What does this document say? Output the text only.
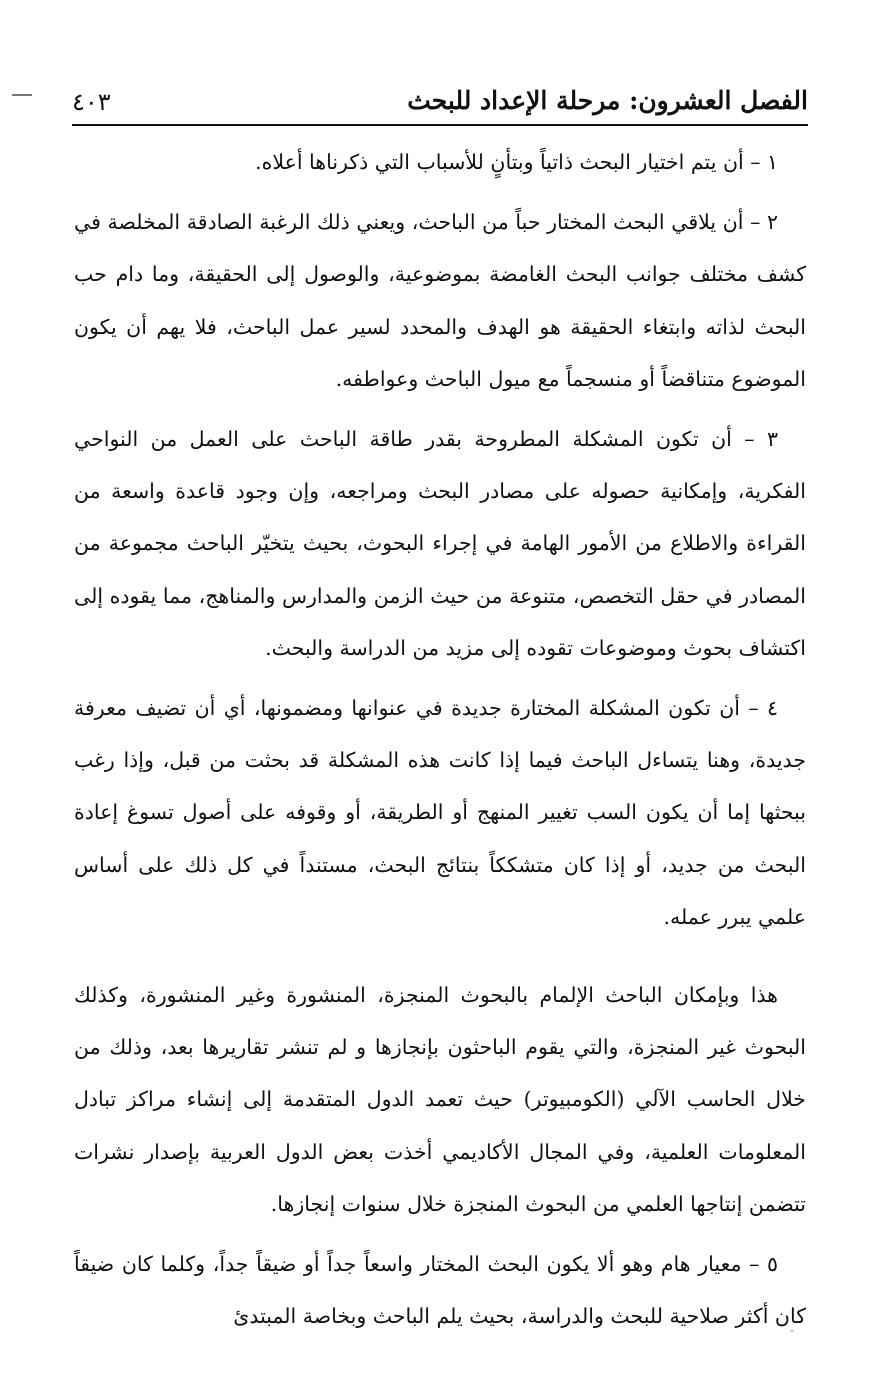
الفصل العشرون: مرحلة الإعداد للبحث
٤٠٣

١ – أن يتم اختيار البحث ذاتياً وبتأنٍ للأسباب التي ذكرناها أعلاه.

٢ – أن يلاقي البحث المختار حباً من الباحث، ويعني ذلك الرغبة الصادقة المخلصة في كشف مختلف جوانب البحث الغامضة بموضوعية، والوصول إلى الحقيقة، وما دام حب البحث لذاته وابتغاء الحقيقة هو الهدف والمحدد لسير عمل الباحث، فلا يهم أن يكون الموضوع متناقضاً أو منسجماً مع ميول الباحث وعواطفه.

٣ – أن تكون المشكلة المطروحة بقدر طاقة الباحث على العمل من النواحي الفكرية، وإمكانية حصوله على مصادر البحث ومراجعه، وإن وجود قاعدة واسعة من القراءة والاطلاع من الأمور الهامة في إجراء البحوث، بحيث يتخيّر الباحث مجموعة من المصادر في حقل التخصص، متنوعة من حيث الزمن والمدارس والمناهج، مما يقوده إلى اكتشاف بحوث وموضوعات تقوده إلى مزيد من الدراسة والبحث.

٤ – أن تكون المشكلة المختارة جديدة في عنوانها ومضمونها، أي أن تضيف معرفة جديدة، وهنا يتساءل الباحث فيما إذا كانت هذه المشكلة قد بحثت من قبل، وإذا رغب ببحثها إما أن يكون السب تغيير المنهج أو الطريقة، أو وقوفه على أصول تسوغ إعادة البحث من جديد، أو إذا كان متشككاً بنتائج البحث، مستنداً في كل ذلك على أساس علمي يبرر عمله.

هذا وبإمكان الباحث الإلمام بالبحوث المنجزة، المنشورة وغير المنشورة، وكذلك البحوث غير المنجزة، والتي يقوم الباحثون بإنجازها و لم تنشر تقاريرها بعد، وذلك من خلال الحاسب الآلي (الكومبيوتر) حيث تعمد الدول المتقدمة إلى إنشاء مراكز تبادل المعلومات العلمية، وفي المجال الأكاديمي أخذت بعض الدول العربية بإصدار نشرات تتضمن إنتاجها العلمي من البحوث المنجزة خلال سنوات إنجازها.

٥ – معيار هام وهو ألا يكون البحث المختار واسعاً جداً أو ضيقاً جداً، وكلما كان ضيقاً كان أكثر صلاحية للبحث والدراسة، بحيث يلم الباحث وبخاصة المبتدئ
